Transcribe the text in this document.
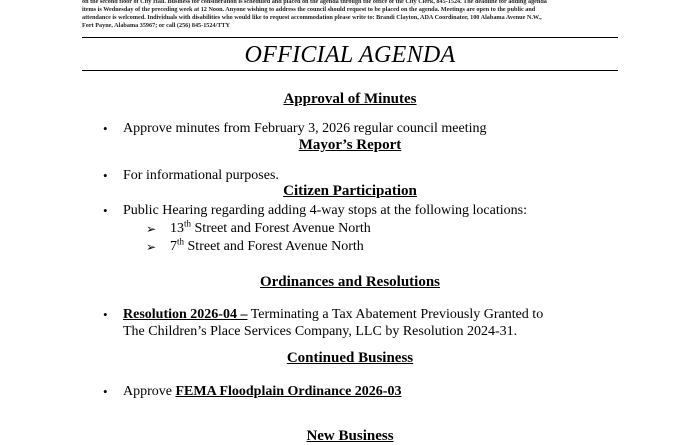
on the second floor of City Hall. Business for consideration is scheduled and placed on the agenda through the office of the City Clerk, 845-1524. The deadline for adding agenda
items is Wednesday of the preceding week at 12 Noon. Anyone wishing to address the council should request to be placed on the agenda. Meetings are open to the public and
attendance is welcomed. Individuals with disabilities who would like to request accommodation please write to: Brandi Clayton, ADA Coordinator, 100 Alabama Avenue N.W.,
Fort Payne, Alabama 35967; or call (256) 845-1524/TTY
OFFICIAL AGENDA
Approval of Minutes
• Approve minutes from February 3, 2026 regular council meeting
Mayor’s Report
• For informational purposes.
Citizen Participation
• Public Hearing regarding adding 4-way stops at the following locations:
➢ 13th Street and Forest Avenue North
➢ 7th Street and Forest Avenue North
Ordinances and Resolutions
• Resolution 2026-04 – Terminating a Tax Abatement Previously Granted to
The Children’s Place Services Company, LLC by Resolution 2024-31.
Continued Business
• Approve FEMA Floodplain Ordinance 2026-03
New Business
